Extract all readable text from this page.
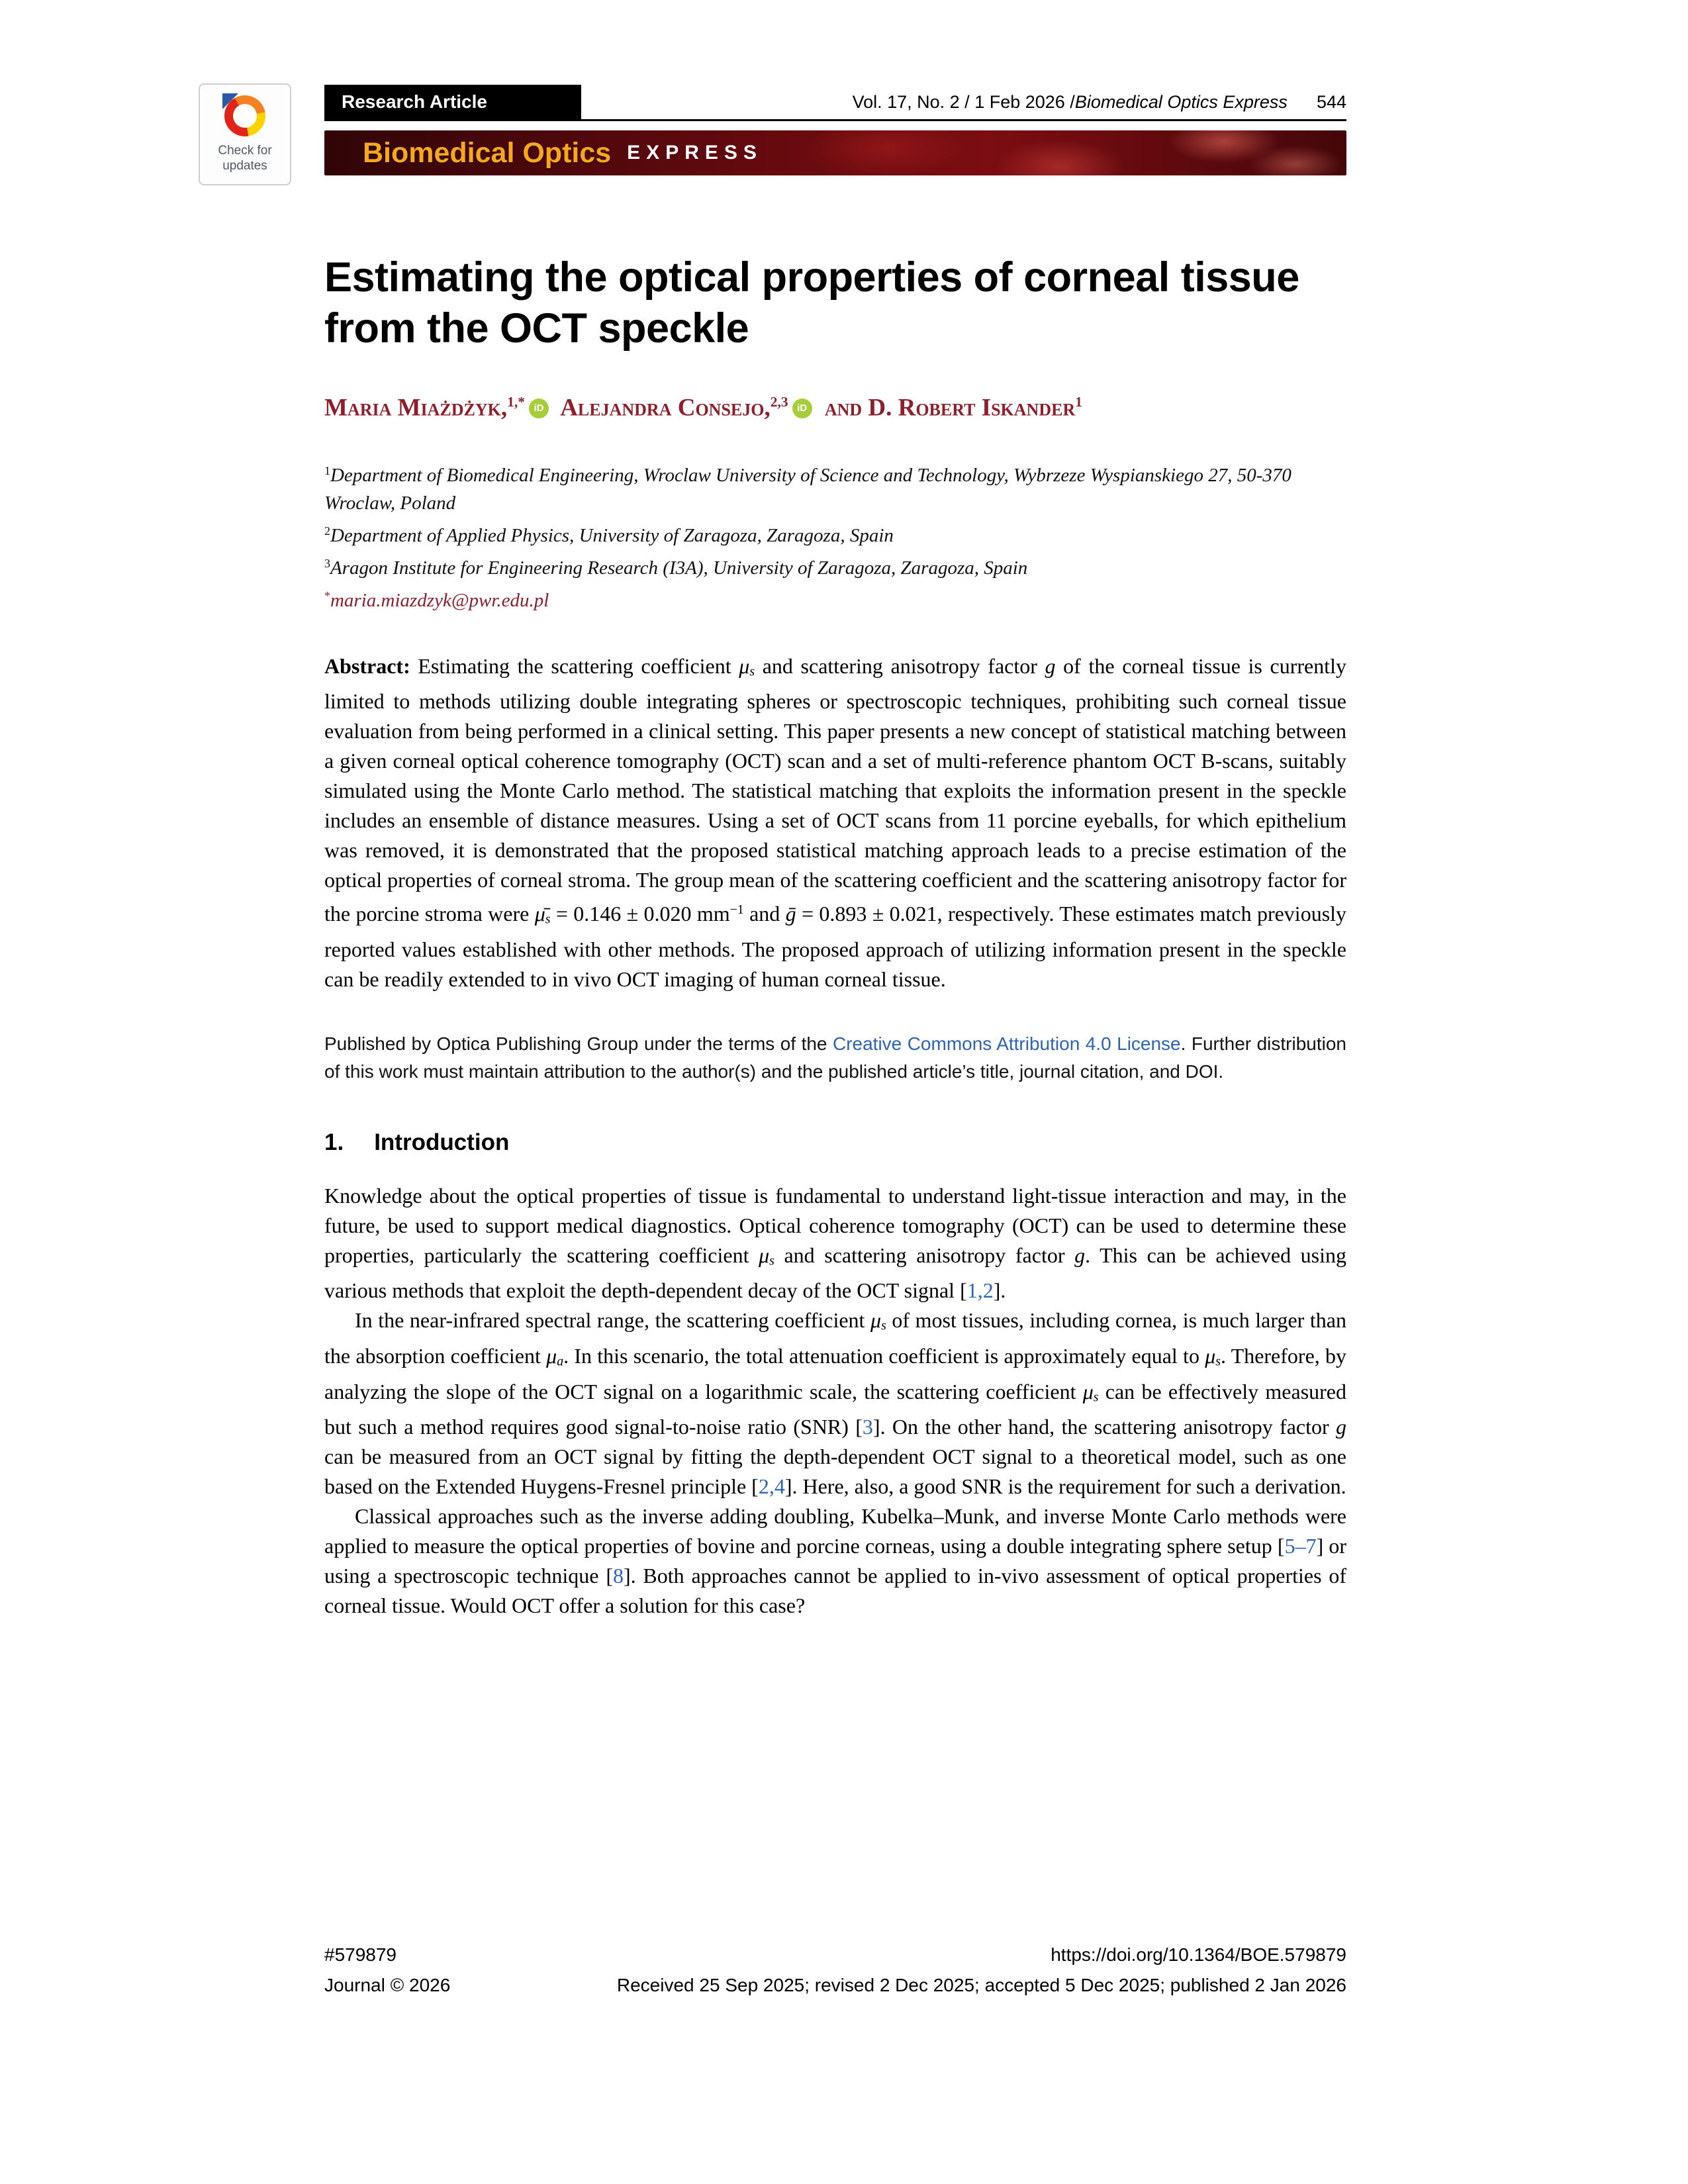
Check for
updates
Research Article	Vol. 17, No. 2 / 1 Feb 2026 / Biomedical Optics Express 544
Biomedical Optics EXPRESS
Estimating the optical properties of corneal tissue from the OCT speckle
Maria Miażdżyk,$^{1,*}$ iD Alejandra Consejo,$^{2,3}$ iD and D. Robert Iskander$^1$
$^1$Department of Biomedical Engineering, Wroclaw University of Science and Technology, Wybrzeze Wyspianskiego 27, 50-370 Wroclaw, Poland
$^2$Department of Applied Physics, University of Zaragoza, Zaragoza, Spain
$^3$Aragon Institute for Engineering Research (I3A), University of Zaragoza, Zaragoza, Spain
*maria.miazdzyk@pwr.edu.pl

Abstract: Estimating the scattering coefficient μs and scattering anisotropy factor g of the corneal tissue is currently limited to methods utilizing double integrating spheres or spectroscopic techniques, prohibiting such corneal tissue evaluation from being performed in a clinical setting. This paper presents a new concept of statistical matching between a given corneal optical coherence tomography (OCT) scan and a set of multi-reference phantom OCT B-scans, suitably simulated using the Monte Carlo method. The statistical matching that exploits the information present in the speckle includes an ensemble of distance measures. Using a set of OCT scans from 11 porcine eyeballs, for which epithelium was removed, it is demonstrated that the proposed statistical matching approach leads to a precise estimation of the optical properties of corneal stroma. The group mean of the scattering coefficient and the scattering anisotropy factor for the porcine stroma were μ̄s = 0.146 ± 0.020 $mm^{-1}$ and ḡ = 0.893 ± 0.021, respectively. These estimates match previously reported values established with other methods. The proposed approach of utilizing information present in the speckle can be readily extended to in vivo OCT imaging of human corneal tissue.

Published by Optica Publishing Group under the terms of the Creative Commons Attribution 4.0 License. Further distribution of this work must maintain attribution to the author(s) and the published article’s title, journal citation, and DOI.

1. Introduction

Knowledge about the optical properties of tissue is fundamental to understand light-tissue interaction and may, in the future, be used to support medical diagnostics. Optical coherence tomography (OCT) can be used to determine these properties, particularly the scattering coefficient μs and scattering anisotropy factor g. This can be achieved using various methods that exploit the depth-dependent decay of the OCT signal [1,2].

In the near-infrared spectral range, the scattering coefficient μs of most tissues, including cornea, is much larger than the absorption coefficient μa. In this scenario, the total attenuation coefficient is approximately equal to μs. Therefore, by analyzing the slope of the OCT signal on a logarithmic scale, the scattering coefficient μs can be effectively measured but such a method requires good signal-to-noise ratio (SNR) [3]. On the other hand, the scattering anisotropy factor g can be measured from an OCT signal by fitting the depth-dependent OCT signal to a theoretical model, such as one based on the Extended Huygens-Fresnel principle [2,4]. Here, also, a good SNR is the requirement for such a derivation.

Classical approaches such as the inverse adding doubling, Kubelka–Munk, and inverse Monte Carlo methods were applied to measure the optical properties of bovine and porcine corneas, using a double integrating sphere setup [5–7] or using a spectroscopic technique [8]. Both approaches cannot be applied to in-vivo assessment of optical properties of corneal tissue. Would OCT offer a solution for this case?

#579879	https://doi.org/10.1364/BOE.579879
Journal © 2026	Received 25 Sep 2025; revised 2 Dec 2025; accepted 5 Dec 2025; published 2 Jan 2026
